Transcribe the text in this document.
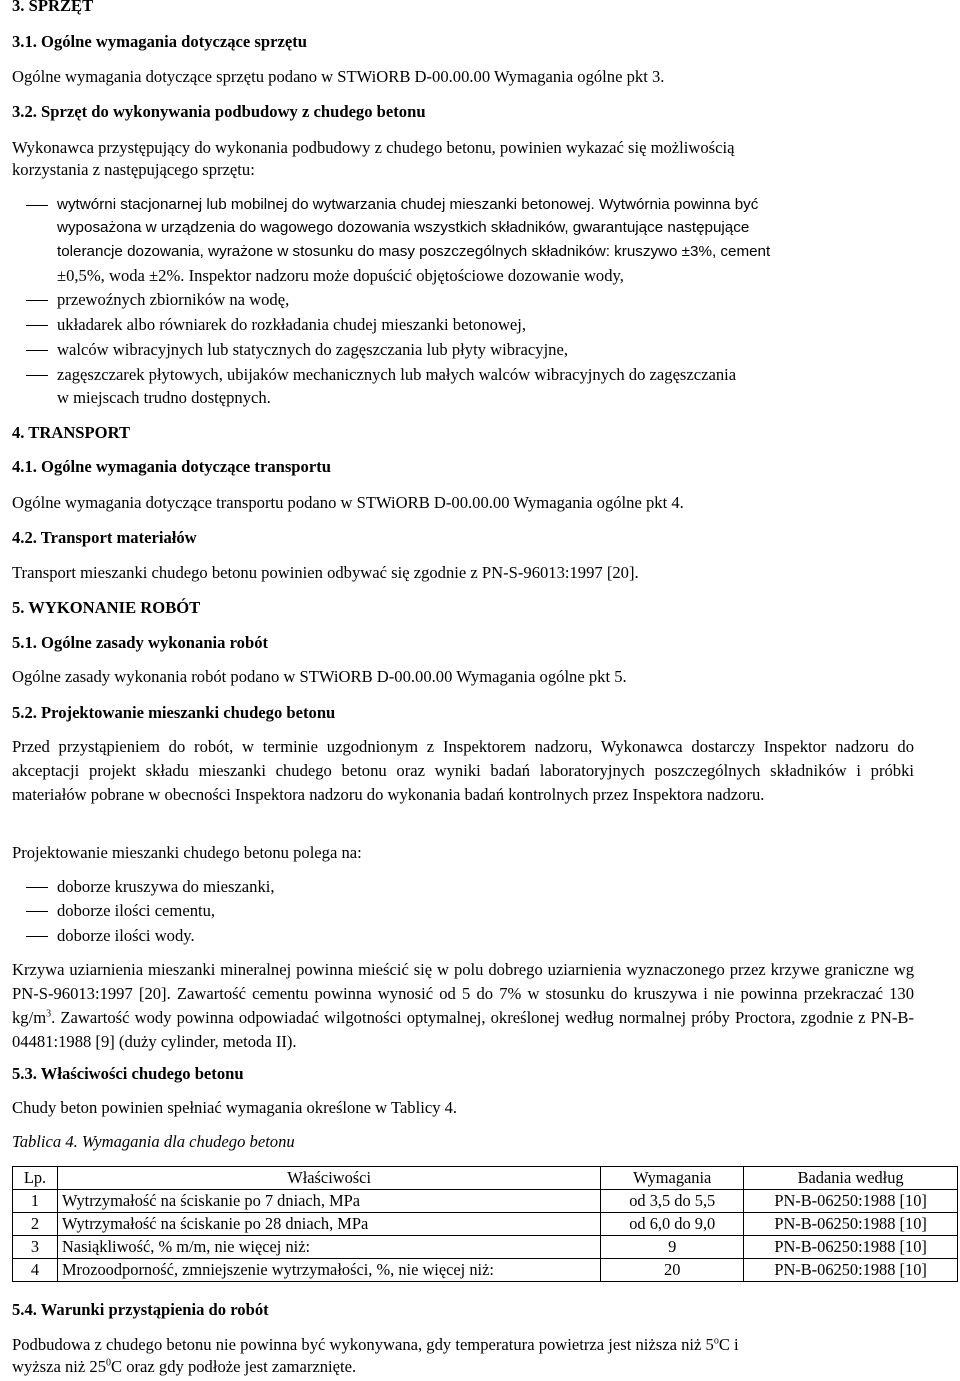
3. SPRZĘT
3.1. Ogólne wymagania dotyczące sprzętu
Ogólne wymagania dotyczące sprzętu podano w STWiORB D-00.00.00 Wymagania ogólne pkt 3.
3.2. Sprzęt do wykonywania podbudowy z chudego betonu
Wykonawca przystępujący do wykonania podbudowy z chudego betonu, powinien wykazać się możliwością
korzystania z następującego sprzętu:
wytwórni stacjonarnej lub mobilnej do wytwarzania chudej mieszanki betonowej. Wytwórnia powinna być
wyposażona w urządzenia do wagowego dozowania wszystkich składników, gwarantujące następujące
tolerancje dozowania, wyrażone w stosunku do masy poszczególnych składników: kruszywo ±3%, cement
±0,5%, woda ±2%. Inspektor nadzoru może dopuścić objętościowe dozowanie wody,
przewoźnych zbiorników na wodę,
układarek albo równiarek do rozkładania chudej mieszanki betonowej,
walców wibracyjnych lub statycznych do zagęszczania lub płyty wibracyjne,
zagęszczarek płytowych, ubijaków mechanicznych lub małych walców wibracyjnych do zagęszczania
w miejscach trudno dostępnych.
4. TRANSPORT
4.1. Ogólne wymagania dotyczące transportu
Ogólne wymagania dotyczące transportu podano w STWiORB D-00.00.00 Wymagania ogólne pkt 4.
4.2. Transport materiałów
Transport mieszanki chudego betonu powinien odbywać się zgodnie z PN-S-96013:1997 [20].
5. WYKONANIE ROBÓT
5.1. Ogólne zasady wykonania robót
Ogólne zasady wykonania robót podano w STWiORB D-00.00.00 Wymagania ogólne pkt 5.
5.2. Projektowanie mieszanki chudego betonu
Przed przystąpieniem do robót, w terminie uzgodnionym z Inspektorem nadzoru, Wykonawca dostarczy Inspektor nadzoru do akceptacji projekt składu mieszanki chudego betonu oraz wyniki badań laboratoryjnych poszczególnych składników i próbki materiałów pobrane w obecności Inspektora nadzoru do wykonania badań kontrolnych przez Inspektora nadzoru.
Projektowanie mieszanki chudego betonu polega na:
doborze kruszywa do mieszanki,
doborze ilości cementu,
doborze ilości wody.
Krzywa uziarnienia mieszanki mineralnej powinna mieścić się w polu dobrego uziarnienia wyznaczonego przez krzywe graniczne wg PN-S-96013:1997 [20]. Zawartość cementu powinna wynosić od 5 do 7% w stosunku do kruszywa i nie powinna przekraczać 130 $kg/m^3$. Zawartość wody powinna odpowiadać wilgotności optymalnej, określonej według normalnej próby Proctora, zgodnie z PN-B-04481:1988 [9] (duży cylinder, metoda II).
5.3. Właściwości chudego betonu
Chudy beton powinien spełniać wymagania określone w Tablicy 4.
Tablica 4. Wymagania dla chudego betonu
Lp.	Właściwości	Wymagania	Badania według
1	Wytrzymałość na ściskanie po 7 dniach, MPa	od 3,5 do 5,5	PN-B-06250:1988 [10]
2	Wytrzymałość na ściskanie po 28 dniach, MPa	od 6,0 do 9,0	PN-B-06250:1988 [10]
3	Nasiąkliwość, % m/m, nie więcej niż:	9	PN-B-06250:1988 [10]
4	Mrozoodporność, zmniejszenie wytrzymałości, %, nie więcej niż:	20	PN-B-06250:1988 [10]
5.4. Warunki przystąpienia do robót
Podbudowa z chudego betonu nie powinna być wykonywana, gdy temperatura powietrza jest niższa niż 5$^o$C i
wyższa niż $25^0C$ oraz gdy podłoże jest zamarznięte.
